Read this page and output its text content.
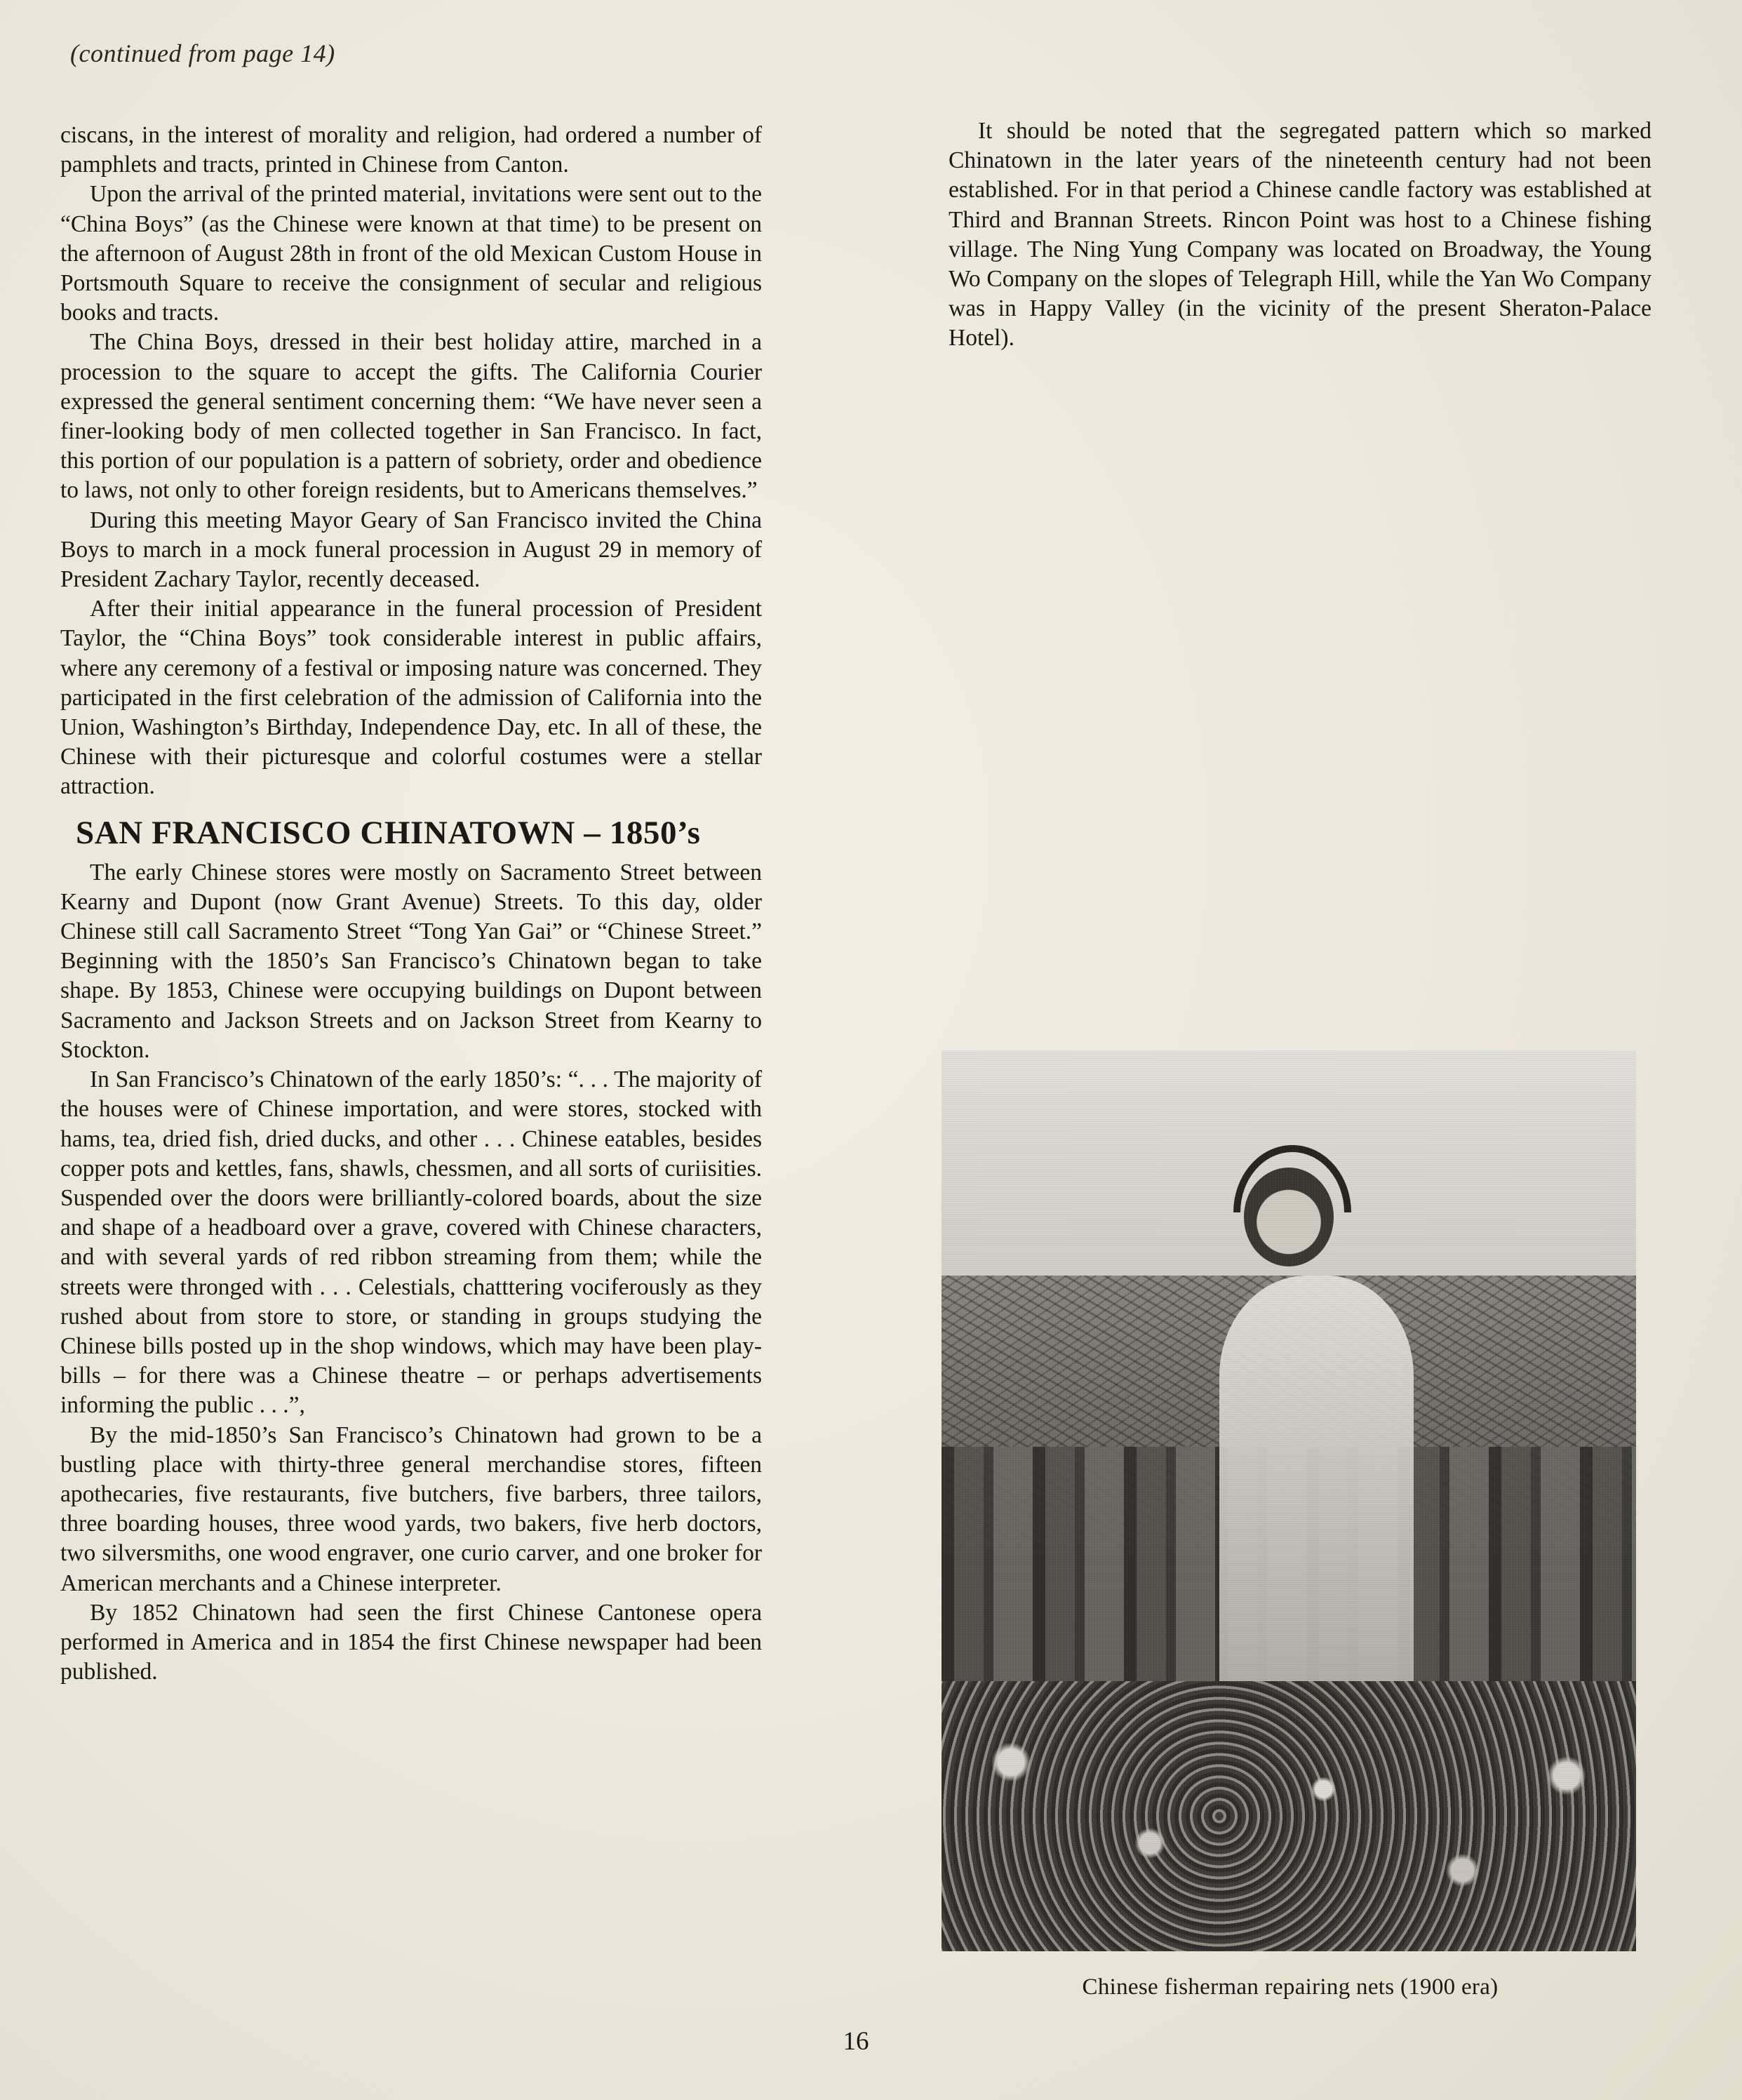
(continued from page 14)

ciscans, in the interest of morality and religion, had ordered a number of pamphlets and tracts, printed in Chinese from Canton.

Upon the arrival of the printed material, invitations were sent out to the “China Boys” (as the Chinese were known at that time) to be present on the afternoon of August 28th in front of the old Mexican Custom House in Portsmouth Square to receive the consignment of secular and religious books and tracts.

The China Boys, dressed in their best holiday attire, marched in a procession to the square to accept the gifts. The California Courier expressed the general sentiment concerning them: “We have never seen a finer-looking body of men collected together in San Francisco. In fact, this portion of our population is a pattern of sobriety, order and obedience to laws, not only to other foreign residents, but to Americans themselves.”

During this meeting Mayor Geary of San Francisco invited the China Boys to march in a mock funeral procession in August 29 in memory of President Zachary Taylor, recently deceased.

After their initial appearance in the funeral procession of President Taylor, the “China Boys” took considerable interest in public affairs, where any ceremony of a festival or imposing nature was concerned. They participated in the first celebration of the admission of California into the Union, Washington’s Birthday, Independence Day, etc. In all of these, the Chinese with their picturesque and colorful costumes were a stellar attraction.

SAN FRANCISCO CHINATOWN – 1850’s

The early Chinese stores were mostly on Sacramento Street between Kearny and Dupont (now Grant Avenue) Streets. To this day, older Chinese still call Sacramento Street “Tong Yan Gai” or “Chinese Street.” Beginning with the 1850’s San Francisco’s Chinatown began to take shape. By 1853, Chinese were occupying buildings on Dupont between Sacramento and Jackson Streets and on Jackson Street from Kearny to Stockton.

In San Francisco’s Chinatown of the early 1850’s: “. . . The majority of the houses were of Chinese importation, and were stores, stocked with hams, tea, dried fish, dried ducks, and other . . . Chinese eatables, besides copper pots and kettles, fans, shawls, chessmen, and all sorts of curiisities. Suspended over the doors were brilliantly-colored boards, about the size and shape of a headboard over a grave, covered with Chinese characters, and with several yards of red ribbon streaming from them; while the streets were thronged with . . . Celestials, chatttering vociferously as they rushed about from store to store, or standing in groups studying the Chinese bills posted up in the shop windows, which may have been play-bills – for there was a Chinese theatre – or perhaps advertisements informing the public . . .”,

By the mid-1850’s San Francisco’s Chinatown had grown to be a bustling place with thirty-three general merchandise stores, fifteen apothecaries, five restaurants, five butchers, five barbers, three tailors, three boarding houses, three wood yards, two bakers, five herb doctors, two silversmiths, one wood engraver, one curio carver, and one broker for American merchants and a Chinese interpreter.

By 1852 Chinatown had seen the first Chinese Cantonese opera performed in America and in 1854 the first Chinese newspaper had been published.

It should be noted that the segregated pattern which so marked Chinatown in the later years of the nineteenth century had not been established. For in that period a Chinese candle factory was established at Third and Brannan Streets. Rincon Point was host to a Chinese fishing village. The Ning Yung Company was located on Broadway, the Young Wo Company on the slopes of Telegraph Hill, while the Yan Wo Company was in Happy Valley (in the vicinity of the present Sheraton-Palace Hotel).

Chinese fisherman repairing nets (1900 era)
16
